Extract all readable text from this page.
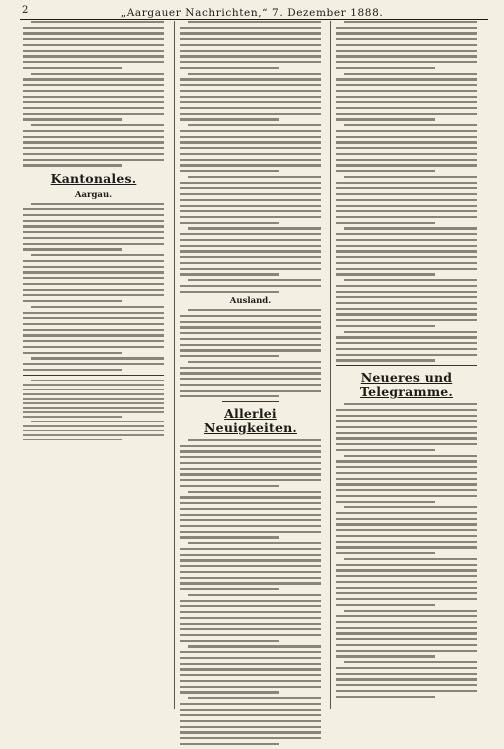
2	„Aargauer Nachrichten,“ 7. Dezember 1888.
Kantonales.
Aargau.
Ausland.
Allerlei Neuigkeiten.
Neueres und Telegramme.
